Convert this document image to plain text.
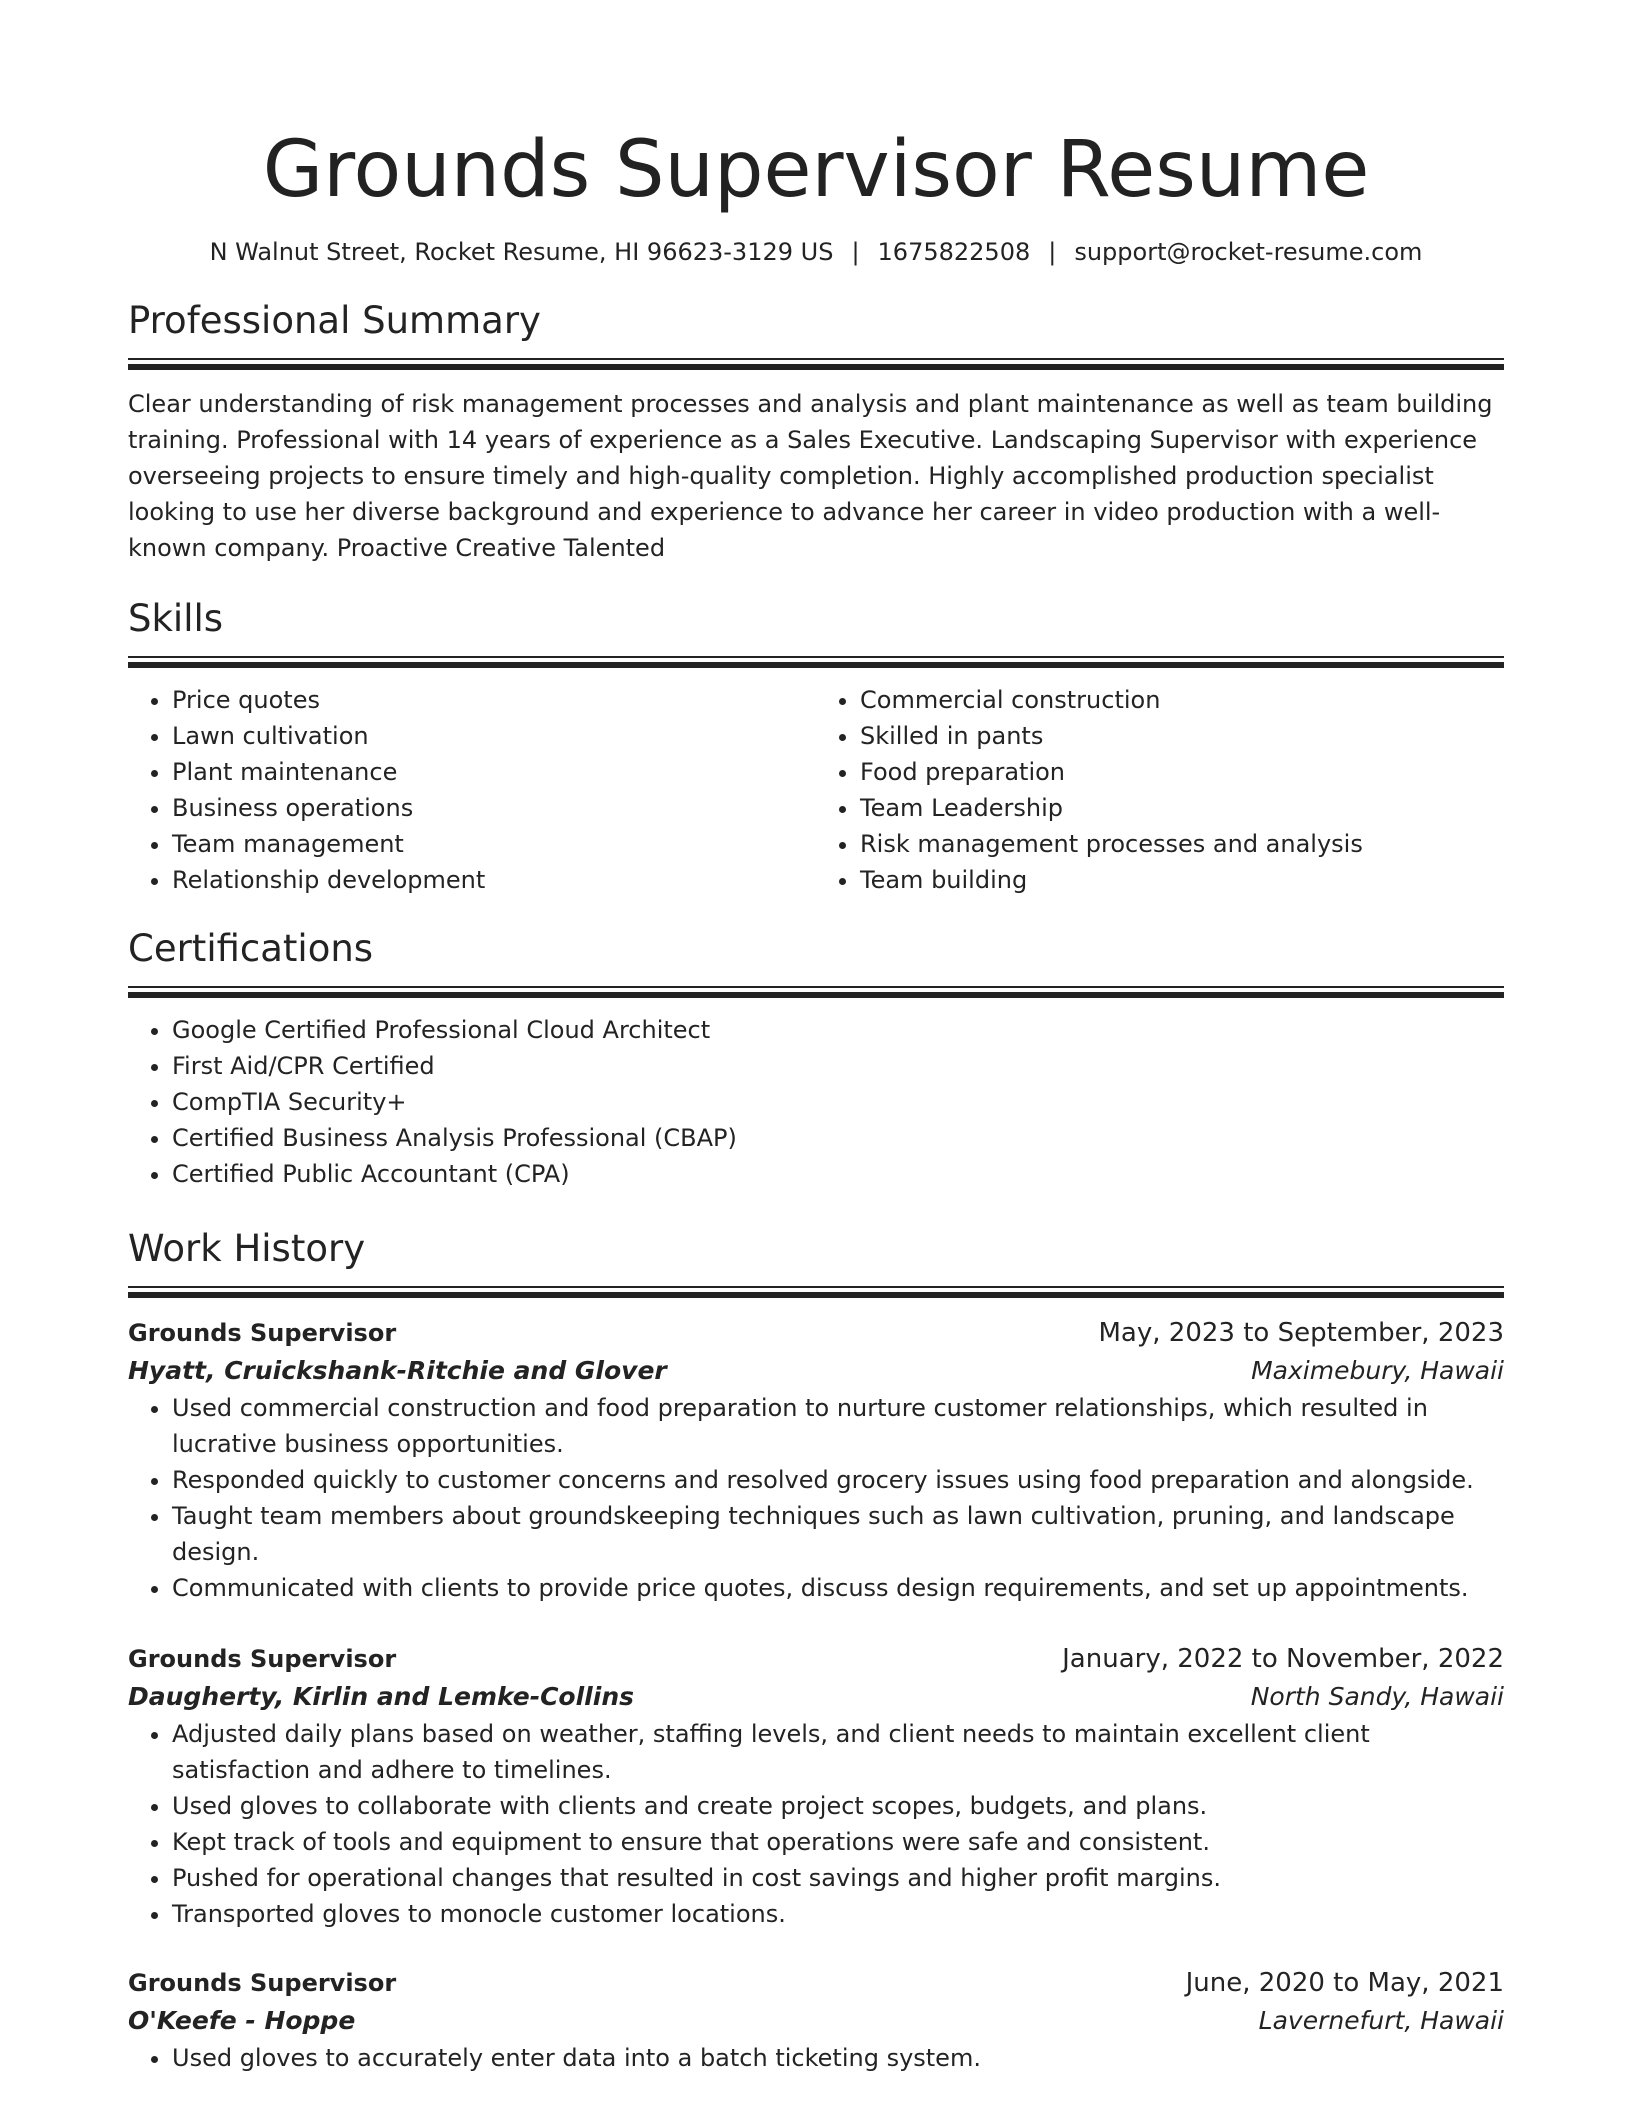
Grounds Supervisor Resume
N Walnut Street, Rocket Resume, HI 96623-3129 US | 1675822508 | support@rocket-resume.com
Professional Summary

Clear understanding of risk management processes and analysis and plant maintenance as well as team building training. Professional with 14 years of experience as a Sales Executive. Landscaping Supervisor with experience overseeing projects to ensure timely and high-quality completion. Highly accomplished production specialist looking to use her diverse background and experience to advance her career in video production with a well-known company. Proactive Creative Talented

Skills
• Price quotes
• Lawn cultivation
• Plant maintenance
• Business operations
• Team management
• Relationship development
• Commercial construction
• Skilled in pants
• Food preparation
• Team Leadership
• Risk management processes and analysis
• Team building
Certifications
• Google Certified Professional Cloud Architect
• First Aid/CPR Certified
• CompTIA Security+
• Certified Business Analysis Professional (CBAP)
• Certified Public Accountant (CPA)
Work History
Grounds Supervisor	May, 2023 to September, 2023
Hyatt, Cruickshank-Ritchie and Glover	Maximebury, Hawaii
• Used commercial construction and food preparation to nurture customer relationships, which resulted in lucrative business opportunities.
• Responded quickly to customer concerns and resolved grocery issues using food preparation and alongside.
• Taught team members about groundskeeping techniques such as lawn cultivation, pruning, and landscape design.
• Communicated with clients to provide price quotes, discuss design requirements, and set up appointments.
Grounds Supervisor	January, 2022 to November, 2022
Daugherty, Kirlin and Lemke-Collins	North Sandy, Hawaii
• Adjusted daily plans based on weather, staffing levels, and client needs to maintain excellent client satisfaction and adhere to timelines.
• Used gloves to collaborate with clients and create project scopes, budgets, and plans.
• Kept track of tools and equipment to ensure that operations were safe and consistent.
• Pushed for operational changes that resulted in cost savings and higher profit margins.
• Transported gloves to monocle customer locations.
Grounds Supervisor	June, 2020 to May, 2021
O'Keefe - Hoppe	Lavernefurt, Hawaii
• Used gloves to accurately enter data into a batch ticketing system.
